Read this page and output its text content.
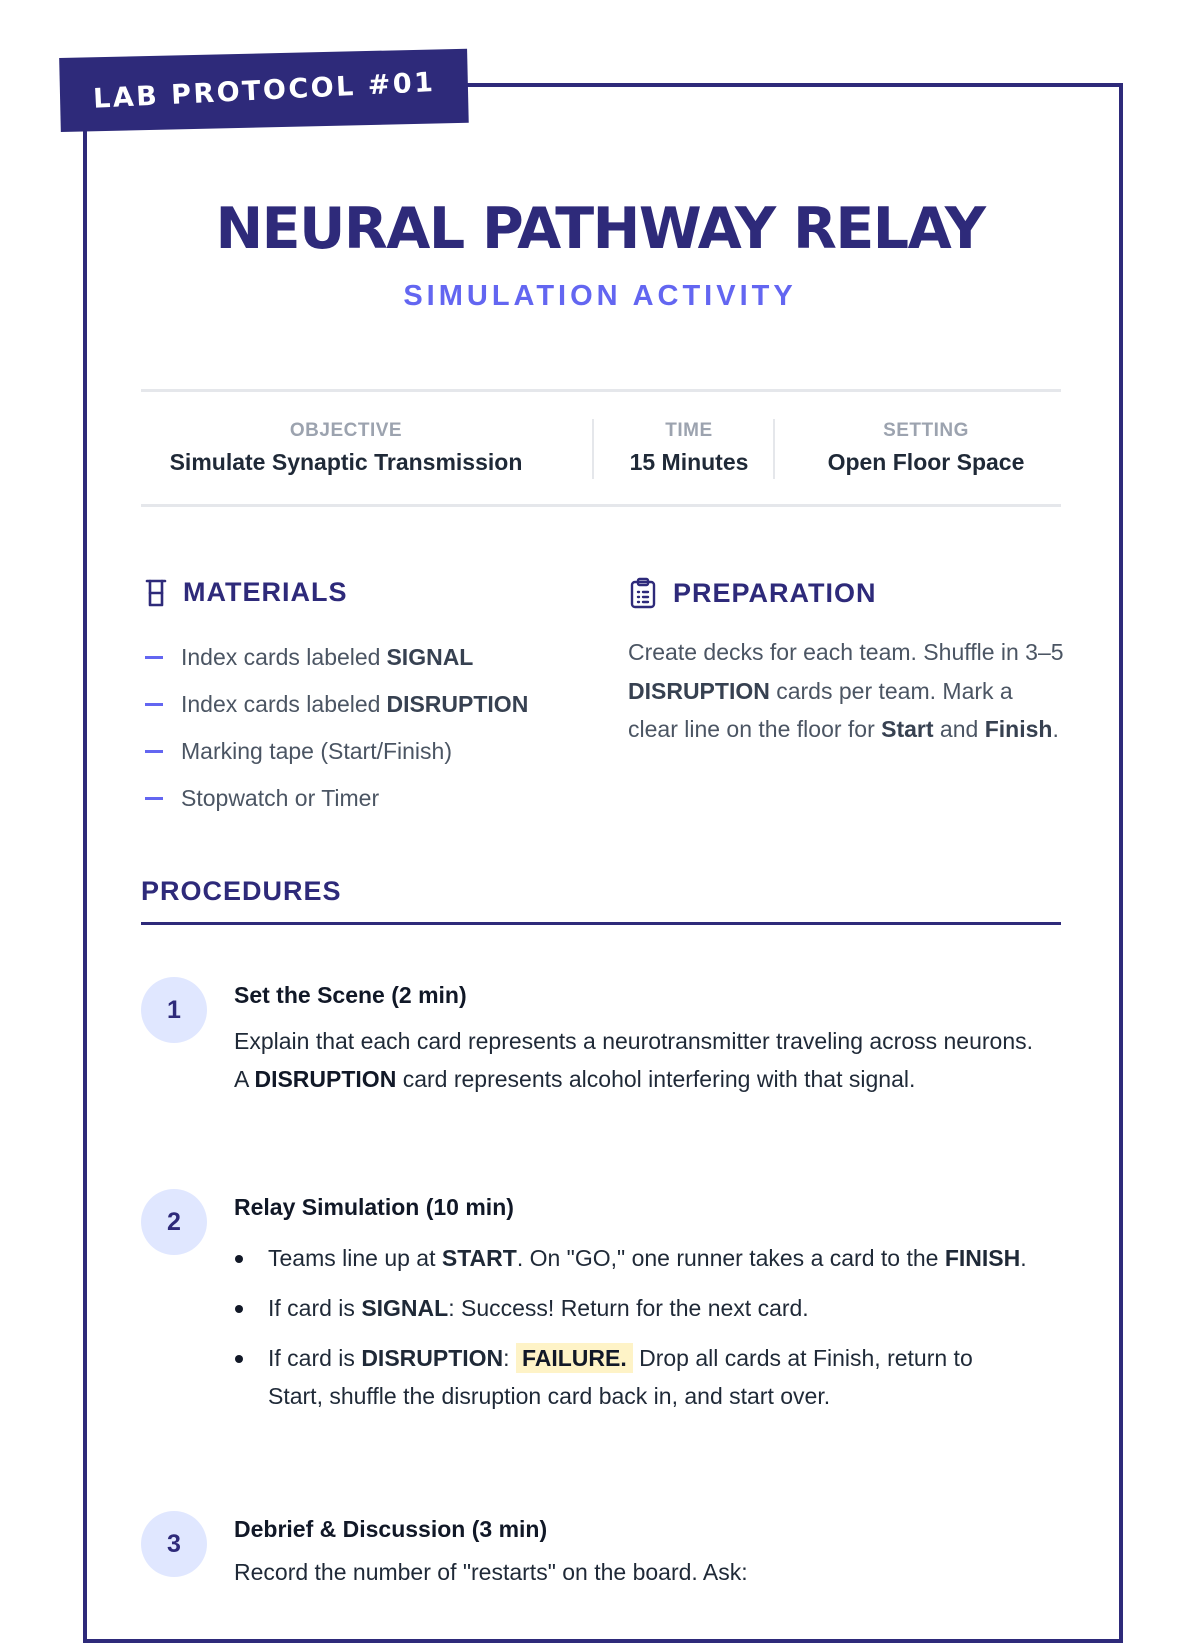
LAB PROTOCOL #01
NEURAL PATHWAY RELAY
SIMULATION ACTIVITY
OBJECTIVE
Simulate Synaptic Transmission
TIME
15 Minutes
SETTING
Open Floor Space
MATERIALS
Index cards labeled SIGNAL
Index cards labeled DISRUPTION
Marking tape (Start/Finish)
Stopwatch or Timer
PREPARATION
Create decks for each team. Shuffle in 3–5 DISRUPTION cards per team. Mark a clear line on the floor for Start and Finish.
PROCEDURES
1
Set the Scene (2 min)
Explain that each card represents a neurotransmitter traveling across neurons. A DISRUPTION card represents alcohol interfering with that signal.
2
Relay Simulation (10 min)
Teams line up at START. On "GO," one runner takes a card to the FINISH.
If card is SIGNAL: Success! Return for the next card.
If card is DISRUPTION: FAILURE. Drop all cards at Finish, return to Start, shuffle the disruption card back in, and start over.
3
Debrief & Discussion (3 min)
Record the number of "restarts" on the board. Ask:
